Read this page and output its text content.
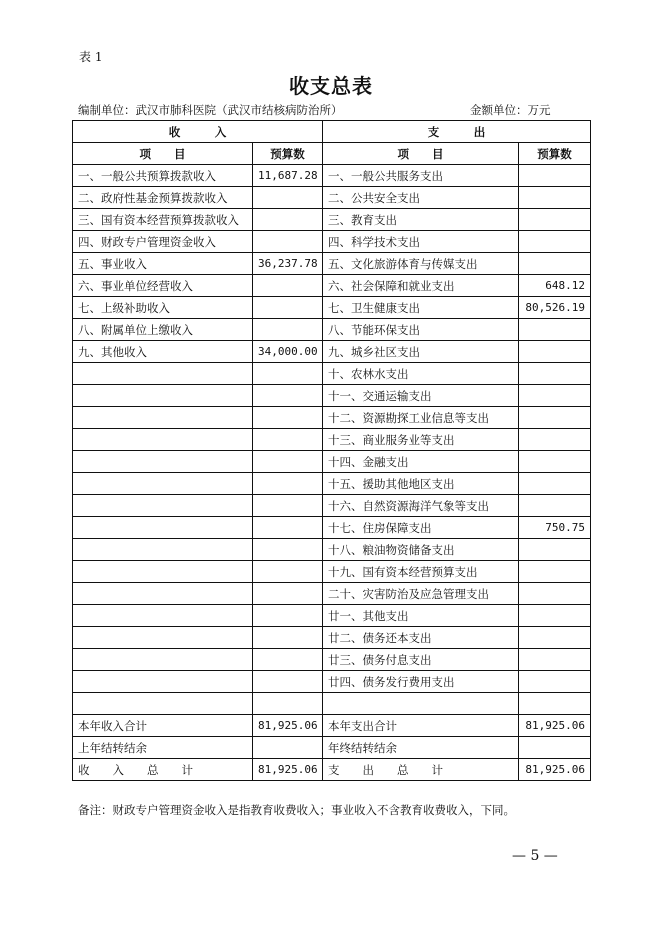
表 1
收支总表
编制单位：武汉市肺科医院（武汉市结核病防治所）	金额单位：万元
收　　　入		支　　　出	
项　　目	预算数	项　　目	预算数
一、一般公共预算拨款收入	11,687.28	一、一般公共服务支出	
二、政府性基金预算拨款收入		二、公共安全支出	
三、国有资本经营预算拨款收入		三、教育支出	
四、财政专户管理资金收入		四、科学技术支出	
五、事业收入	36,237.78	五、文化旅游体育与传媒支出	
六、事业单位经营收入		六、社会保障和就业支出	648.12
七、上级补助收入		七、卫生健康支出	80,526.19
八、附属单位上缴收入		八、节能环保支出	
九、其他收入	34,000.00	九、城乡社区支出	
		十、农林水支出	
		十一、交通运输支出	
		十二、资源勘探工业信息等支出	
		十三、商业服务业等支出	
		十四、金融支出	
		十五、援助其他地区支出	
		十六、自然资源海洋气象等支出	
		十七、住房保障支出	750.75
		十八、粮油物资储备支出	
		十九、国有资本经营预算支出	
		二十、灾害防治及应急管理支出	
		廿一、其他支出	
		廿二、债务还本支出	
		廿三、债务付息支出	
		廿四、债务发行费用支出	

本年收入合计	81,925.06	本年支出合计	81,925.06
上年结转结余		年终结转结余	
收　　入　　总　　计	81,925.06	支　　出　　总　　计	81,925.06
备注：财政专户管理资金收入是指教育收费收入；事业收入不含教育收费收入，下同。
— 5 —
